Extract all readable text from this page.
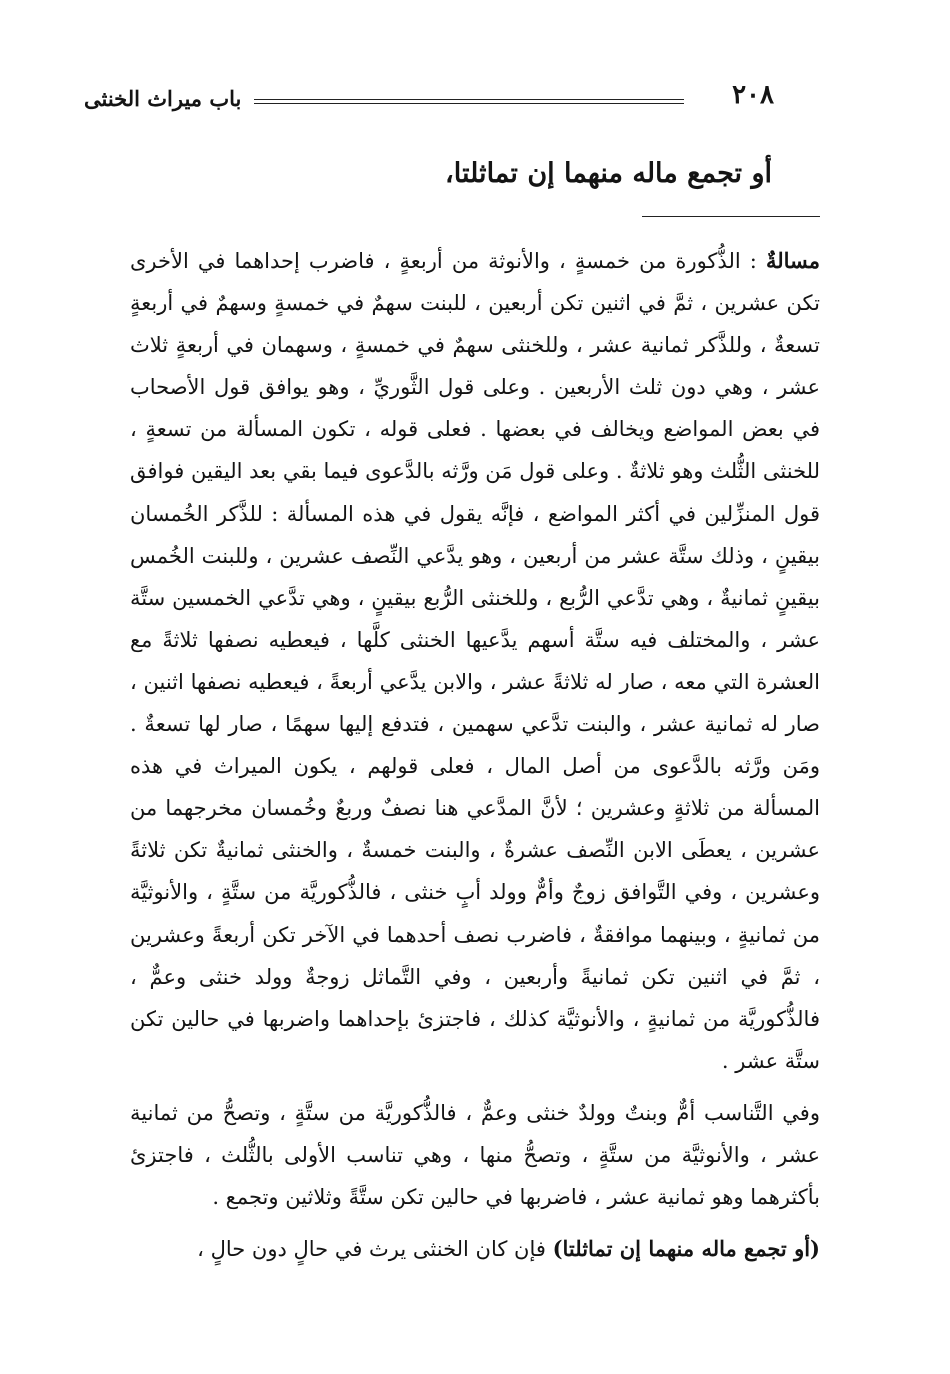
باب ميراث الخنثى	٢٠٨
أو تجمع ماله منهما إن تماثلتا،

مسالةٌ : الذُّكورة من خمسةٍ ، والأنوثة من أربعةٍ ، فاضرب إحداهما في الأخرى تكن عشرين ، ثمَّ في اثنين تكن أربعين ، للبنت سهمٌ في خمسةٍ وسهمٌ في أربعةٍ تسعةٌ ، وللذَّكر ثمانية عشر ، وللخنثى سهمٌ في خمسةٍ ، وسهمان في أربعةٍ ثلاث عشر ، وهي دون ثلث الأربعين . وعلى قول الثَّوريِّ ، وهو يوافق قول الأصحاب في بعض المواضع ويخالف في بعضها . فعلى قوله ، تكون المسألة من تسعةٍ ، للخنثى الثُّلث وهو ثلاثةٌ . وعلى قول مَن ورَّثه بالدَّعوى فيما بقي بعد اليقين فوافق قول المنزِّلين في أكثر المواضع ، فإنَّه يقول في هذه المسألة : للذَّكر الخُمسان بيقينٍ ، وذلك ستَّة عشر من أربعين ، وهو يدَّعي النِّصف عشرين ، وللبنت الخُمس بيقينٍ ثمانيةٌ ، وهي تدَّعي الرُّبع ، وللخنثى الرُّبع بيقينٍ ، وهي تدَّعي الخمسين ستَّة عشر ، والمختلف فيه ستَّة أسهم يدَّعيها الخنثى كلَّها ، فيعطيه نصفها ثلاثةً مع العشرة التي معه ، صار له ثلاثةً عشر ، والابن يدَّعي أربعةً ، فيعطيه نصفها اثنين ، صار له ثمانية عشر ، والبنت تدَّعي سهمين ، فتدفع إليها سهمًا ، صار لها تسعةٌ . ومَن ورَّثه بالدَّعوى من أصل المال ، فعلى قولهم ، يكون الميراث في هذه المسألة من ثلاثةٍ وعشرين ؛ لأنَّ المدَّعي هنا نصفٌ وربعٌ وخُمسان مخرجهما من عشرين ، يعطَى الابن النِّصف عشرةٌ ، والبنت خمسةٌ ، والخنثى ثمانيةٌ تكن ثلاثةً وعشرين ، وفي التَّوافق زوجٌ وأمٌّ وولد أبٍ خنثى ، فالذُّكوريَّة من ستَّةٍ ، والأنوثيَّة من ثمانيةٍ ، وبينهما موافقةٌ ، فاضرب نصف أحدهما في الآخر تكن أربعةً وعشرين ، ثمَّ في اثنين تكن ثمانيةً وأربعين ، وفي التَّماثل زوجةٌ وولد خنثى وعمٌّ ، فالذُّكوريَّة من ثمانيةٍ ، والأنوثيَّة كذلك ، فاجتزئ بإحداهما واضربها في حالين تكن ستَّة عشر .

وفي التَّناسب أمٌّ وبنتٌ وولدٌ خنثى وعمٌّ ، فالذُّكوريَّة من ستَّةٍ ، وتصحُّ من ثمانية عشر ، والأنوثيَّة من ستَّةٍ ، وتصحُّ منها ، وهي تناسب الأولى بالثُّلث ، فاجتزئ بأكثرهما وهو ثمانية عشر ، فاضربها في حالين تكن ستَّةً وثلاثين وتجمع .

(أو تجمع ماله منهما إن تماثلتا) فإن كان الخنثى يرث في حالٍ دون حالٍ ،
